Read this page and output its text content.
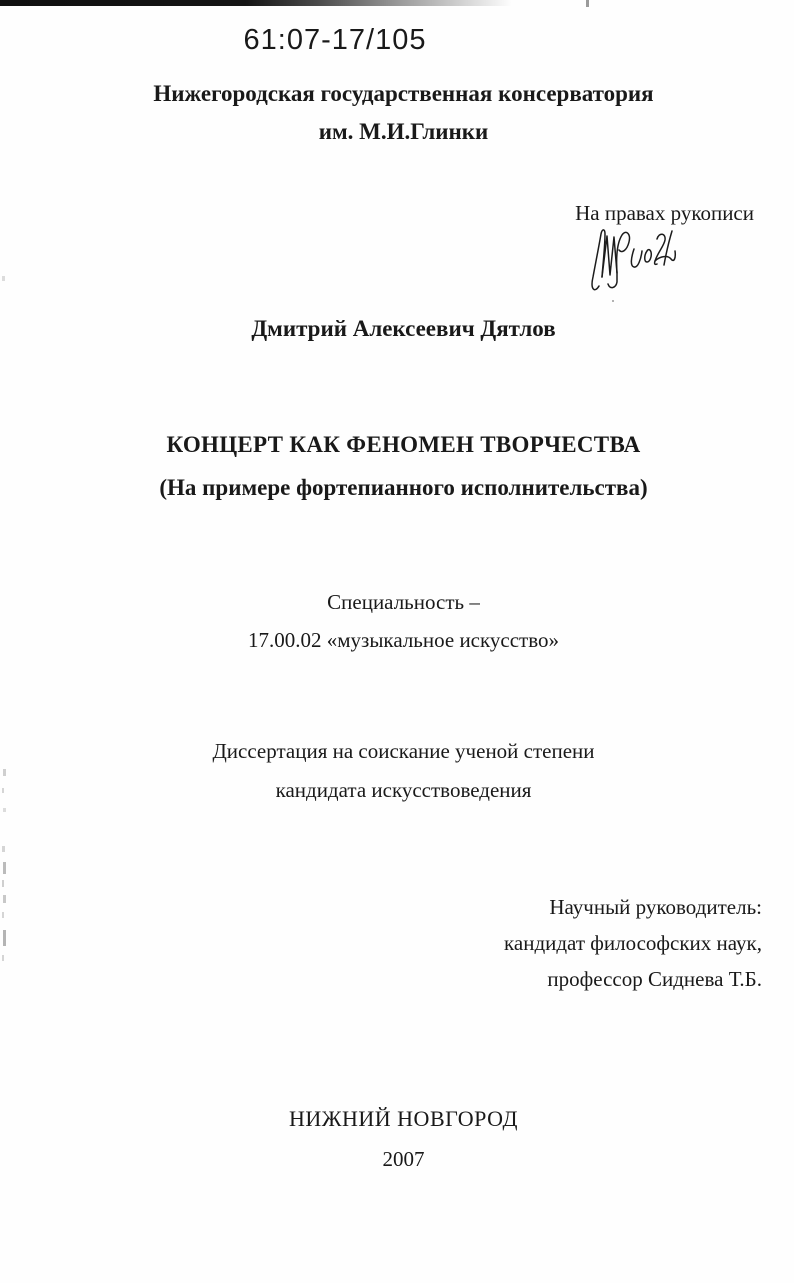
61:07-17/105
Нижегородская государственная консерватория
им. М.И.Глинки
На правах рукописи
Дмитрий Алексеевич Дятлов
КОНЦЕРТ КАК ФЕНОМЕН ТВОРЧЕСТВА
(На примере фортепианного исполнительства)
Специальность –
17.00.02 «музыкальное искусство»
Диссертация на соискание ученой степени
кандидата искусствоведения
Научный руководитель:
кандидат философских наук,
профессор Сиднева Т.Б.
НИЖНИЙ НОВГОРОД
2007
